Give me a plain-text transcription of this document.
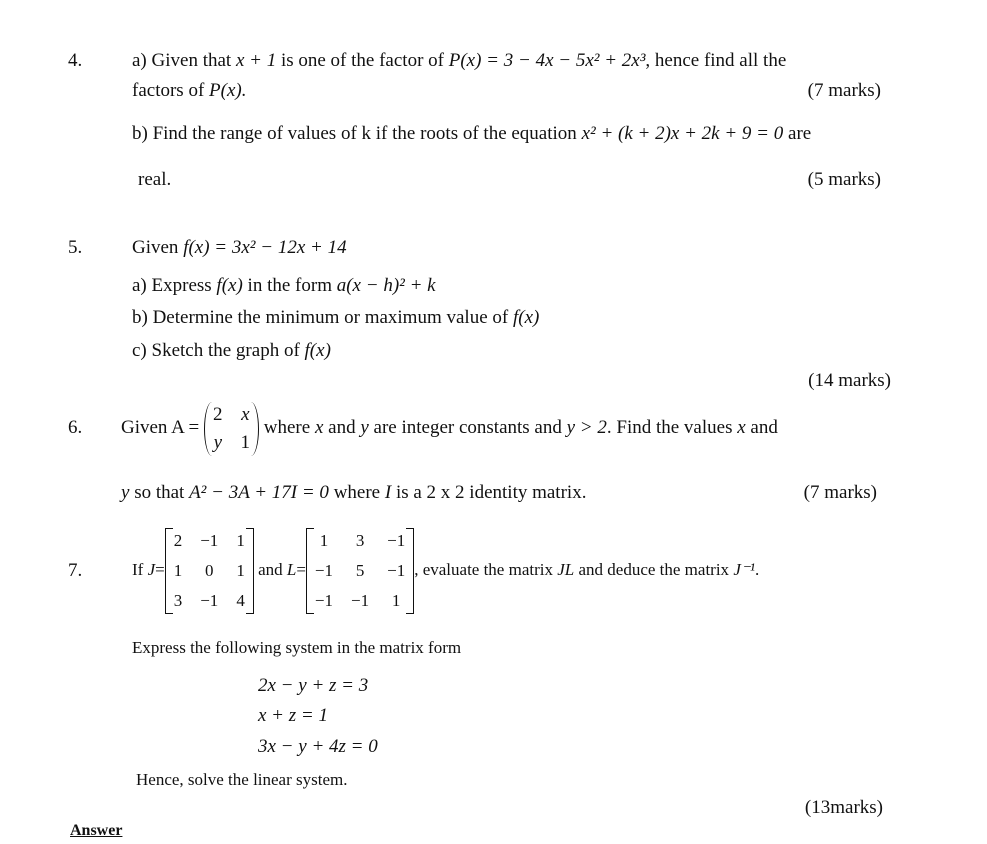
4.	a) Given that x + 1 is one of the factor of P(x) = 3 − 4x − 5x² + 2x³, hence find all the
factors of P(x).	(7 marks)
b) Find the range of values of k if the roots of the equation x² + (k + 2)x + 2k + 9 = 0 are
real.	(5 marks)
5.	Given f(x) = 3x² − 12x + 14
a) Express f(x) in the form a(x − h)² + k
b) Determine the minimum or maximum value of f(x)
c) Sketch the graph of f(x)
(14 marks)
6. Given A =
2 x
y 1
where x and y are integer constants and y > 2. Find the values x and
y so that A² − 3A + 17I = 0 where I is a 2 x 2 identity matrix.	(7 marks)
7.	If J=
2 −1 1
1 0 1
3 −1 4
and L=
1 3 −1
−1 5 −1
−1 −1 1
, evaluate the matrix JL and deduce the matrix J⁻¹.
Express the following system in the matrix form
2x − y + z = 3
x + z = 1
3x − y + 4z = 0
Hence, solve the linear system.
(13marks)
Answer
